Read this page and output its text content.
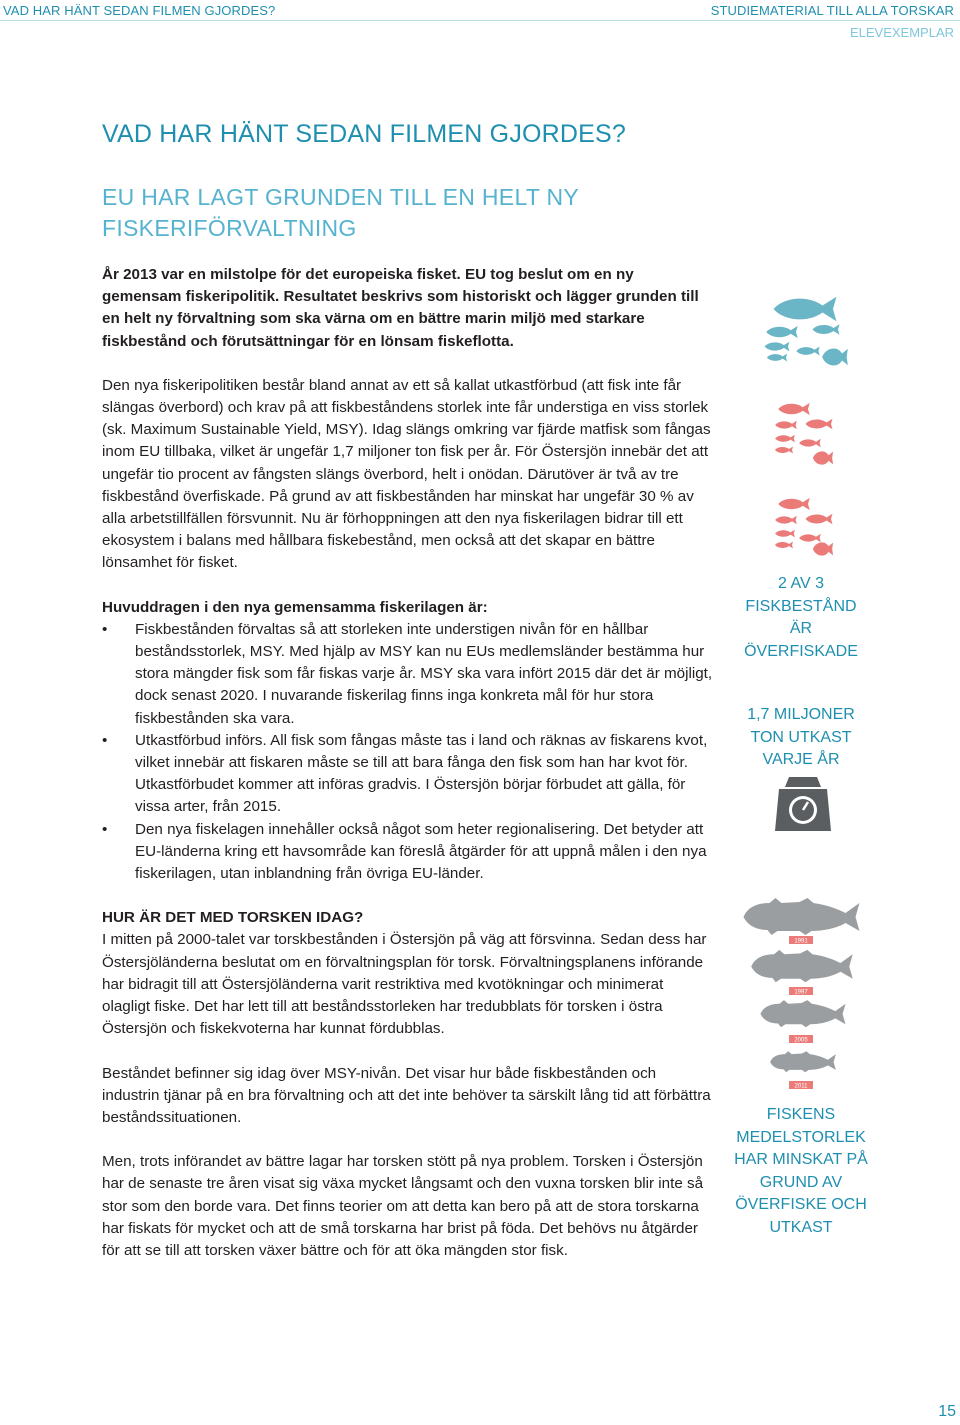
VAD HAR HÄNT SEDAN FILMEN GJORDES?	STUDIEMATERIAL TILL ALLA TORSKAR
ELEVEXEMPLAR
VAD HAR HÄNT SEDAN FILMEN GJORDES?
EU HAR LAGT GRUNDEN TILL EN HELT NY FISKERIFÖRVALTNING

År 2013 var en milstolpe för det europeiska fisket. EU tog beslut om en ny gemensam fiskeripolitik. Resultatet beskrivs som historiskt och lägger grunden till en helt ny förvaltning som ska värna om en bättre marin miljö med starkare fiskbestånd och förutsättningar för en lönsam fiskeflotta.

Den nya fiskeripolitiken består bland annat av ett så kallat utkastförbud (att fisk inte får slängas överbord) och krav på att fiskbeståndens storlek inte får understiga en viss storlek (sk. Maximum Sustainable Yield, MSY). Idag slängs omkring var fjärde matfisk som fångas inom EU tillbaka, vilket är ungefär 1,7 miljoner ton fisk per år. För Östersjön innebär det att ungefär tio procent av fångsten slängs överbord, helt i onödan. Därutöver är två av tre fiskbestånd överfiskade. På grund av att fiskbestånden har minskat har ungefär 30 % av alla arbetstillfällen försvunnit. Nu är förhoppningen att den nya fiskerilagen bidrar till ett ekosystem i balans med hållbara fiskebestånd, men också att det skapar en bättre lönsamhet för fisket.

Huvuddragen i den nya gemensamma fiskerilagen är:
• Fiskbestånden förvaltas så att storleken inte understigen nivån för en hållbar beståndsstorlek, MSY. Med hjälp av MSY kan nu EUs medlemsländer bestämma hur stora mängder fisk som får fiskas varje år. MSY ska vara infört 2015 där det är möjligt, dock senast 2020. I nuvarande fiskerilag finns inga konkreta mål för hur stora fiskbestånden ska vara.
• Utkastförbud införs. All fisk som fångas måste tas i land och räknas av fiskarens kvot, vilket innebär att fiskaren måste se till att bara fånga den fisk som han har kvot för. Utkastförbudet kommer att införas gradvis. I Östersjön börjar förbudet att gälla, för vissa arter, från 2015.
• Den nya fiskelagen innehåller också något som heter regionalisering. Det betyder att EU-länderna kring ett havsområde kan föreslå åtgärder för att uppnå målen i den nya fiskerilagen, utan inblandning från övriga EU-länder.
HUR ÄR DET MED TORSKEN IDAG?

I mitten på 2000-talet var torskbestånden i Östersjön på väg att försvinna. Sedan dess har Östersjöländerna beslutat om en förvaltningsplan för torsk. Förvaltningsplanens införande har bidragit till att Östersjöländerna varit restriktiva med kvotökningar och minimerat olagligt fiske. Det har lett till att beståndsstorleken har tredubblats för torsken i östra Östersjön och fiskekvoterna har kunnat fördubblas.

Beståndet befinner sig idag över MSY-nivån. Det visar hur både fiskbestånden och industrin tjänar på en bra förvaltning och att det inte behöver ta särskilt lång tid att förbättra beståndssituationen.

Men, trots införandet av bättre lagar har torsken stött på nya problem. Torsken i Östersjön har de senaste tre åren visat sig växa mycket långsamt och den vuxna torsken blir inte så stor som den borde vara. Det finns teorier om att detta kan bero på att de stora torskarna har fiskats för mycket och att de små torskarna har brist på föda. Det behövs nu åtgärder för att se till att torsken växer bättre och för att öka mängden stor fisk.

2 AV 3 FISKBESTÅND ÄR ÖVERFISKADE
1,7 MILJONER TON UTKAST VARJE ÅR
1991
1997
2005
2011
FISKENS MEDELSTORLEK HAR MINSKAT PÅ GRUND AV ÖVERFISKE OCH UTKAST
15
